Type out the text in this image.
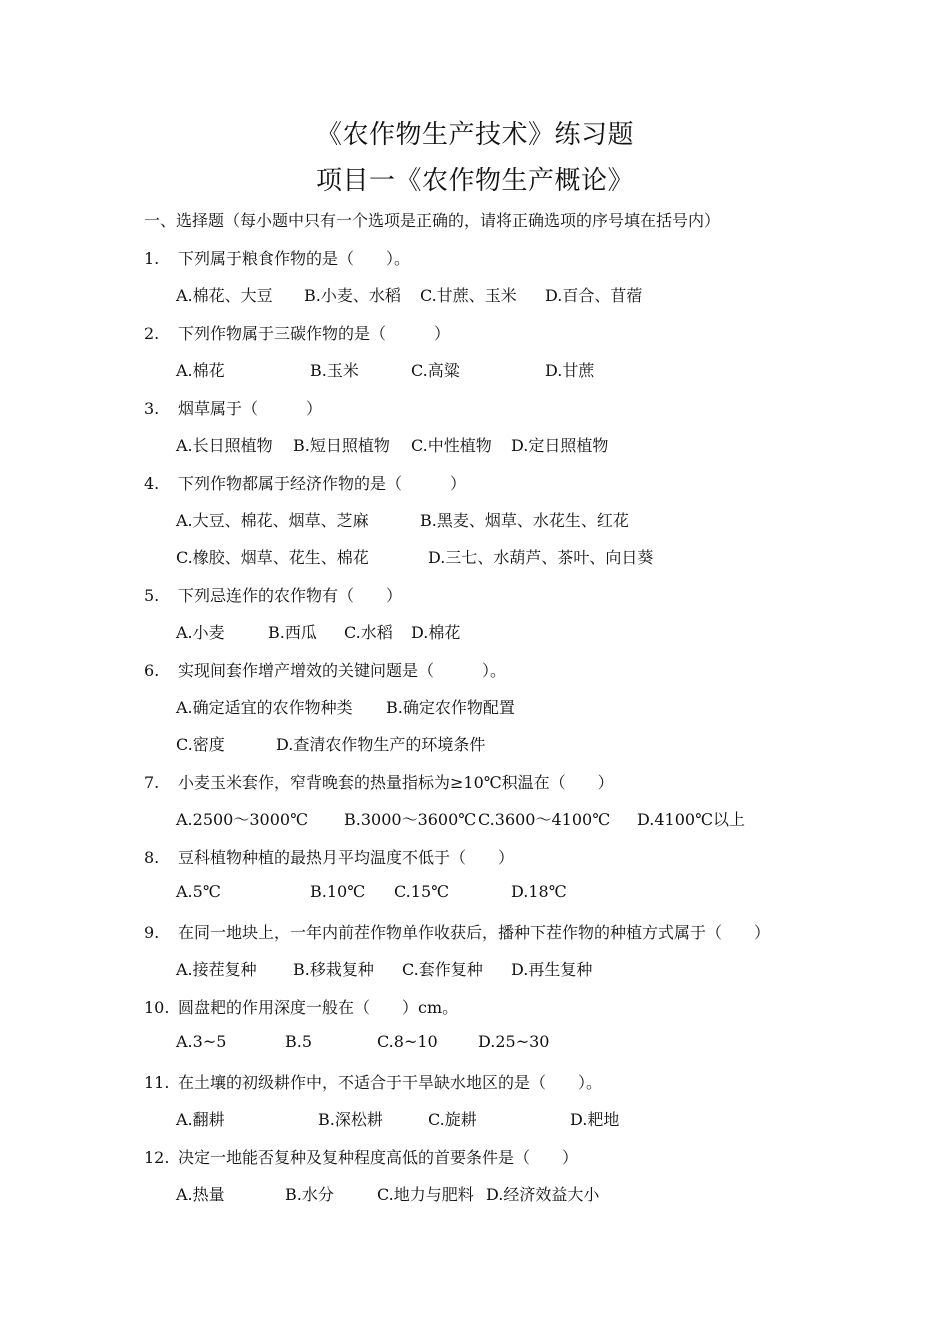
《农作物生产技术》练习题
项目一《农作物生产概论》
一、选择题（每小题中只有一个选项是正确的，请将正确选项的序号填在括号内）
1. 下列属于粮食作物的是（　　）。
A.棉花、大豆 B.小麦、水稻 C.甘蔗、玉米 D.百合、苜蓿
2. 下列作物属于三碳作物的是（　　　）
A.棉花	B.玉米	C.高粱	D.甘蔗
3. 烟草属于（　　　）
A.长日照植物 B.短日照植物 C.中性植物 D.定日照植物
4. 下列作物都属于经济作物的是（　　　）
A.大豆、棉花、烟草、芝麻	B.黑麦、烟草、水花生、红花
C.橡胶、烟草、花生、棉花	D.三七、水葫芦、茶叶、向日葵
5. 下列忌连作的农作物有（　　）
A.小麦	B.西瓜 C.水稻 D.棉花
6. 实现间套作增产增效的关键问题是（　　　）。
A.确定适宜的农作物种类 B.确定农作物配置
C.密度	D.查清农作物生产的环境条件
7. 小麦玉米套作，窄背晚套的热量指标为≥10℃积温在（　　）
A.2500～3000℃ B.3000～3600℃ C.3600～4100℃ D.4100℃以上
8. 豆科植物种植的最热月平均温度不低于（　　）
A.5℃	B.10℃ C.15℃	D.18℃
9. 在同一地块上，一年内前茬作物单作收获后，播种下茬作物的种植方式属于（　　）
A.接茬复种 B.移栽复种 C.套作复种 D.再生复种
10. 圆盘耙的作用深度一般在（　　）cm。
A.3~5	B.5	C.8~10	D.25~30
11. 在土壤的初级耕作中，不适合于干旱缺水地区的是（　　）。
A.翻耕	B.深松耕	C.旋耕	D.耙地
12. 决定一地能否复种及复种程度高低的首要条件是（　　）
A.热量	B.水分	C.地力与肥料 D.经济效益大小
